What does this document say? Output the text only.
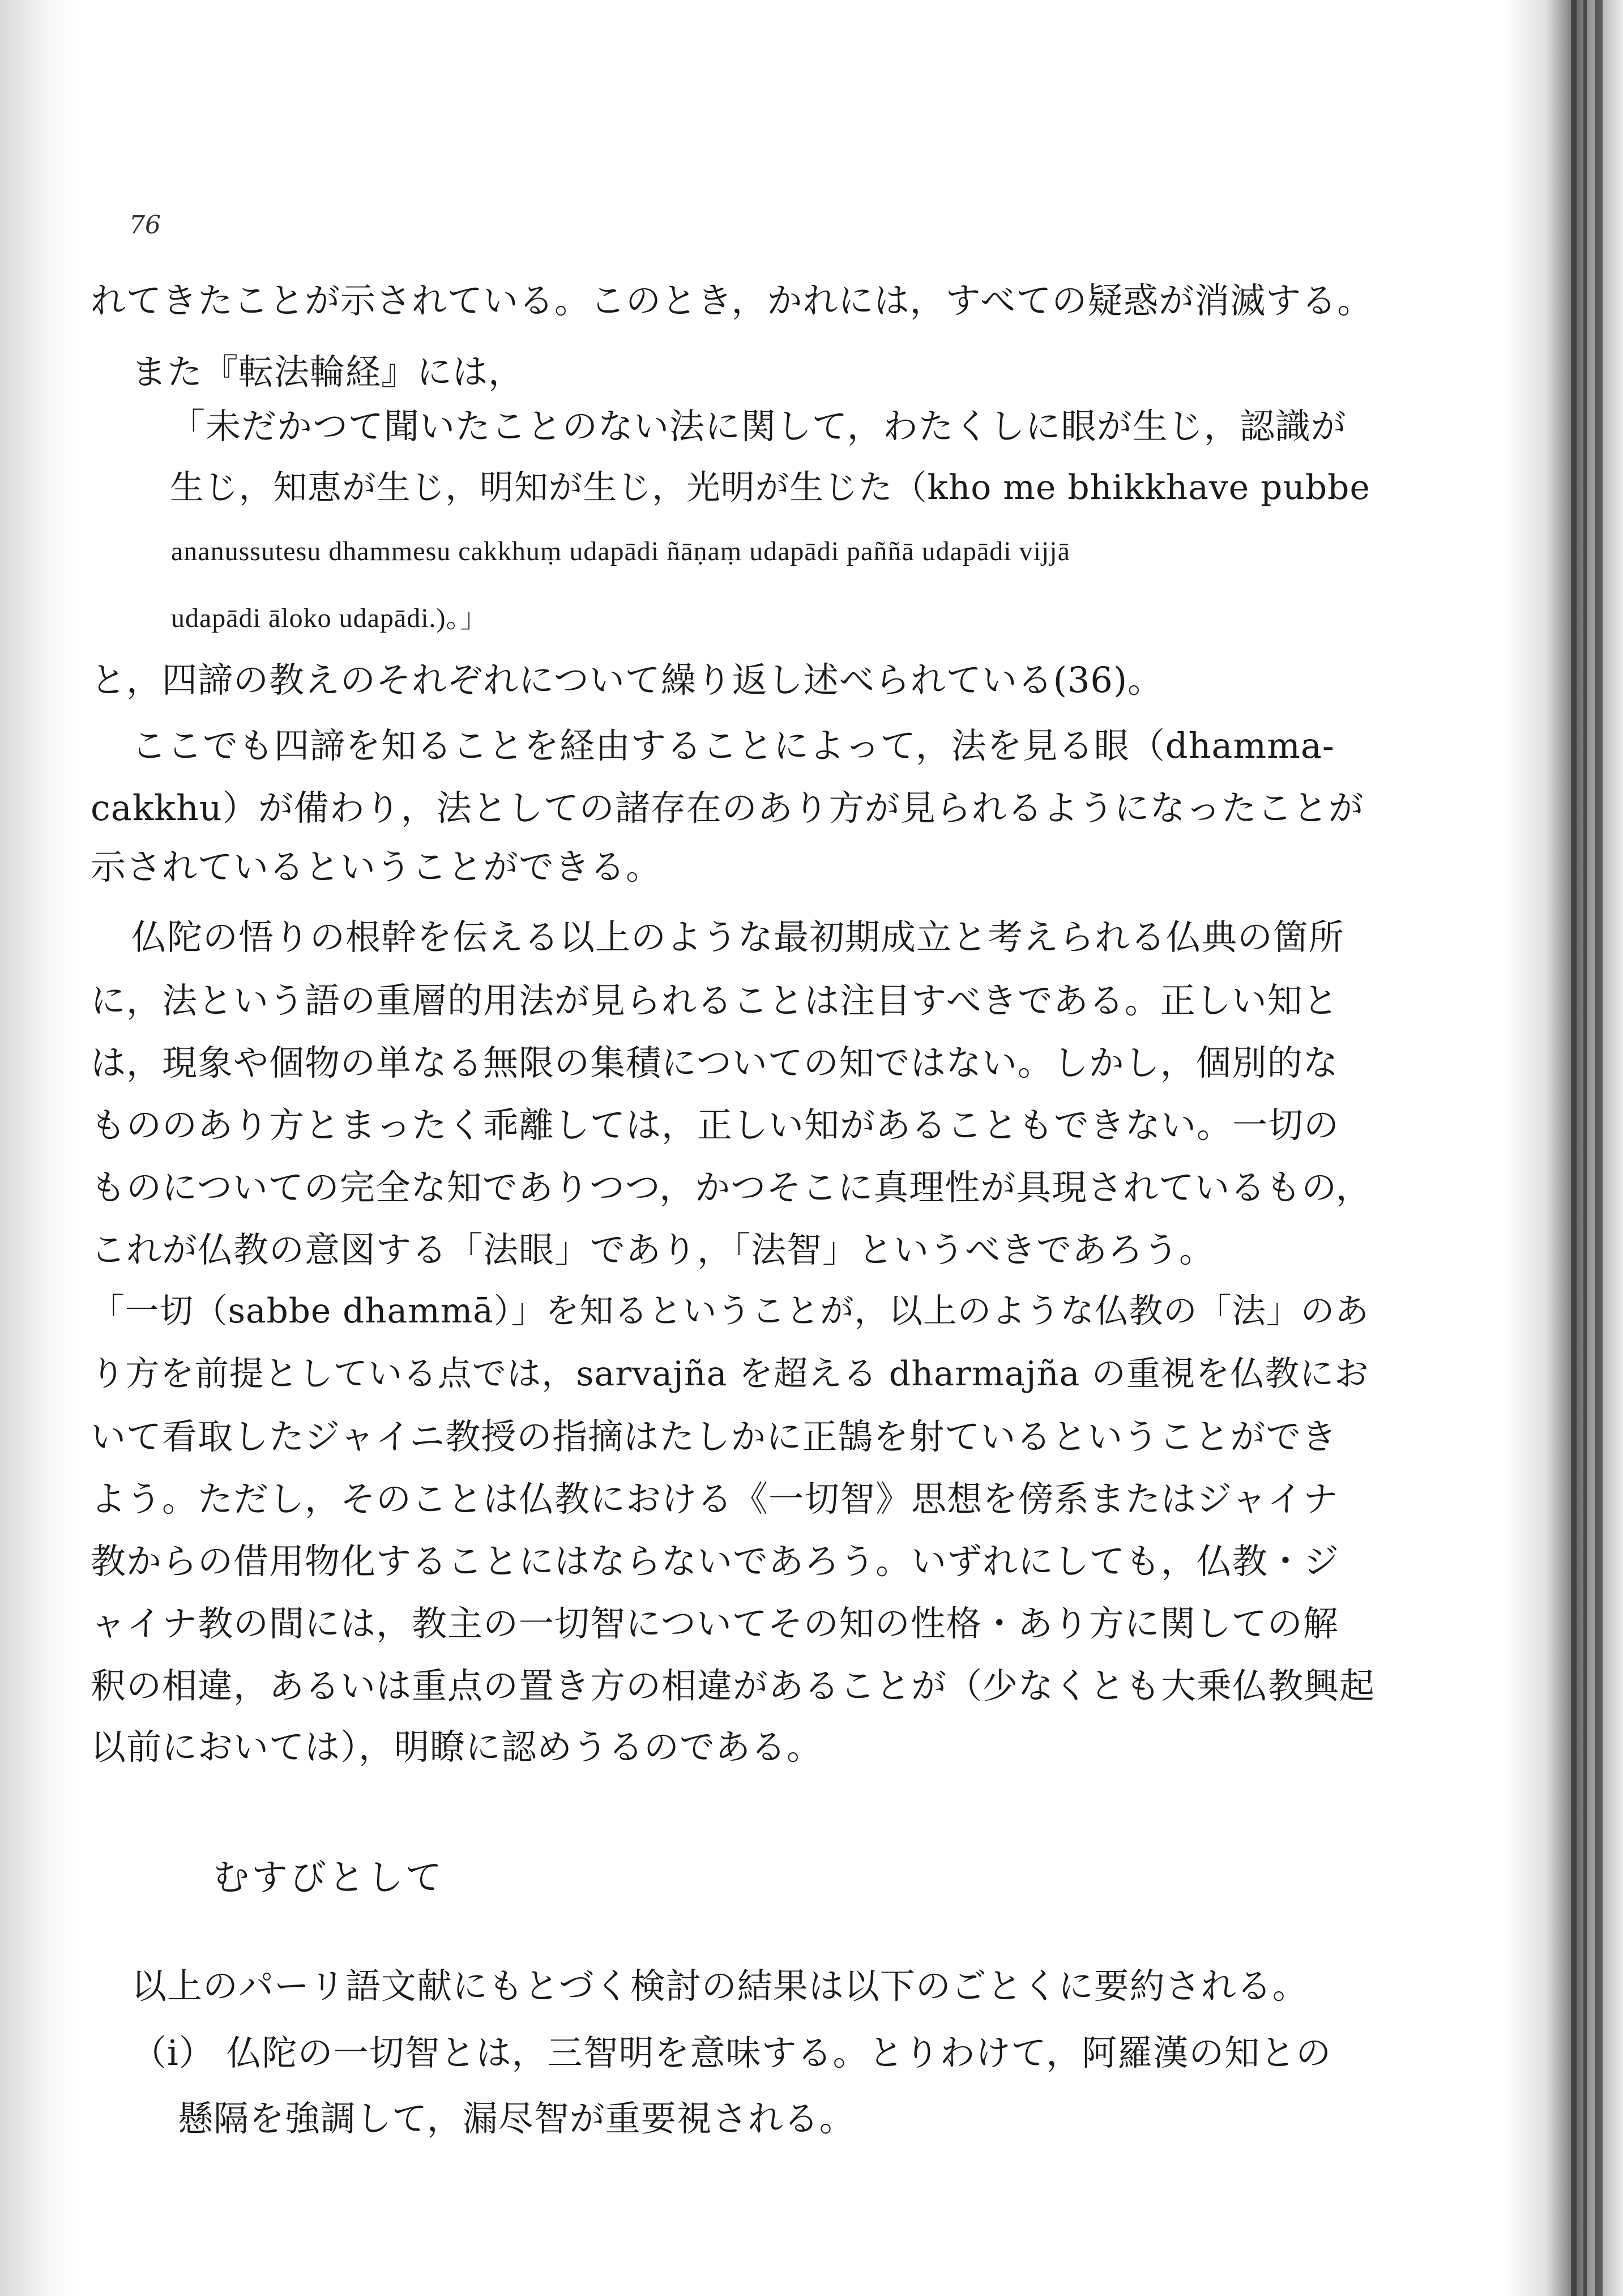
76
れてきたことが示されている。このとき，かれには，すべての疑惑が消滅する。
また『転法輪経』には，
「未だかつて聞いたことのない法に関して，わたくしに眼が生じ，認識が
生じ，知恵が生じ，明知が生じ，光明が生じた（kho me bhikkhave pubbe
ananussutesu dhammesu cakkhuṃ udapādi ñāṇaṃ udapādi paññā udapādi vijjā
udapādi āloko udapādi.)。」
と，四諦の教えのそれぞれについて繰り返し述べられている(36)。
ここでも四諦を知ることを経由することによって，法を見る眼（dhamma-
cakkhu）が備わり，法としての諸存在のあり方が見られるようになったことが
示されているということができる。
仏陀の悟りの根幹を伝える以上のような最初期成立と考えられる仏典の箇所
に，法という語の重層的用法が見られることは注目すべきである。正しい知と
は，現象や個物の単なる無限の集積についての知ではない。しかし，個別的な
もののあり方とまったく乖離しては，正しい知があることもできない。一切の
ものについての完全な知でありつつ，かつそこに真理性が具現されているもの，
これが仏教の意図する「法眼」であり，「法智」というべきであろう。
「一切（sabbe dhammā）」を知るということが，以上のような仏教の「法」のあ
り方を前提としている点では，sarvajña を超える dharmajña の重視を仏教にお
いて看取したジャイニ教授の指摘はたしかに正鵠を射ているということができ
よう。ただし，そのことは仏教における《一切智》思想を傍系またはジャイナ
教からの借用物化することにはならないであろう。いずれにしても，仏教・ジ
ャイナ教の間には，教主の一切智についてその知の性格・あり方に関しての解
釈の相違，あるいは重点の置き方の相違があることが（少なくとも大乗仏教興起
以前においては），明瞭に認めうるのである。
むすびとして
以上のパーリ語文献にもとづく検討の結果は以下のごとくに要約される。
（i） 仏陀の一切智とは，三智明を意味する。とりわけて，阿羅漢の知との
懸隔を強調して，漏尽智が重要視される。
